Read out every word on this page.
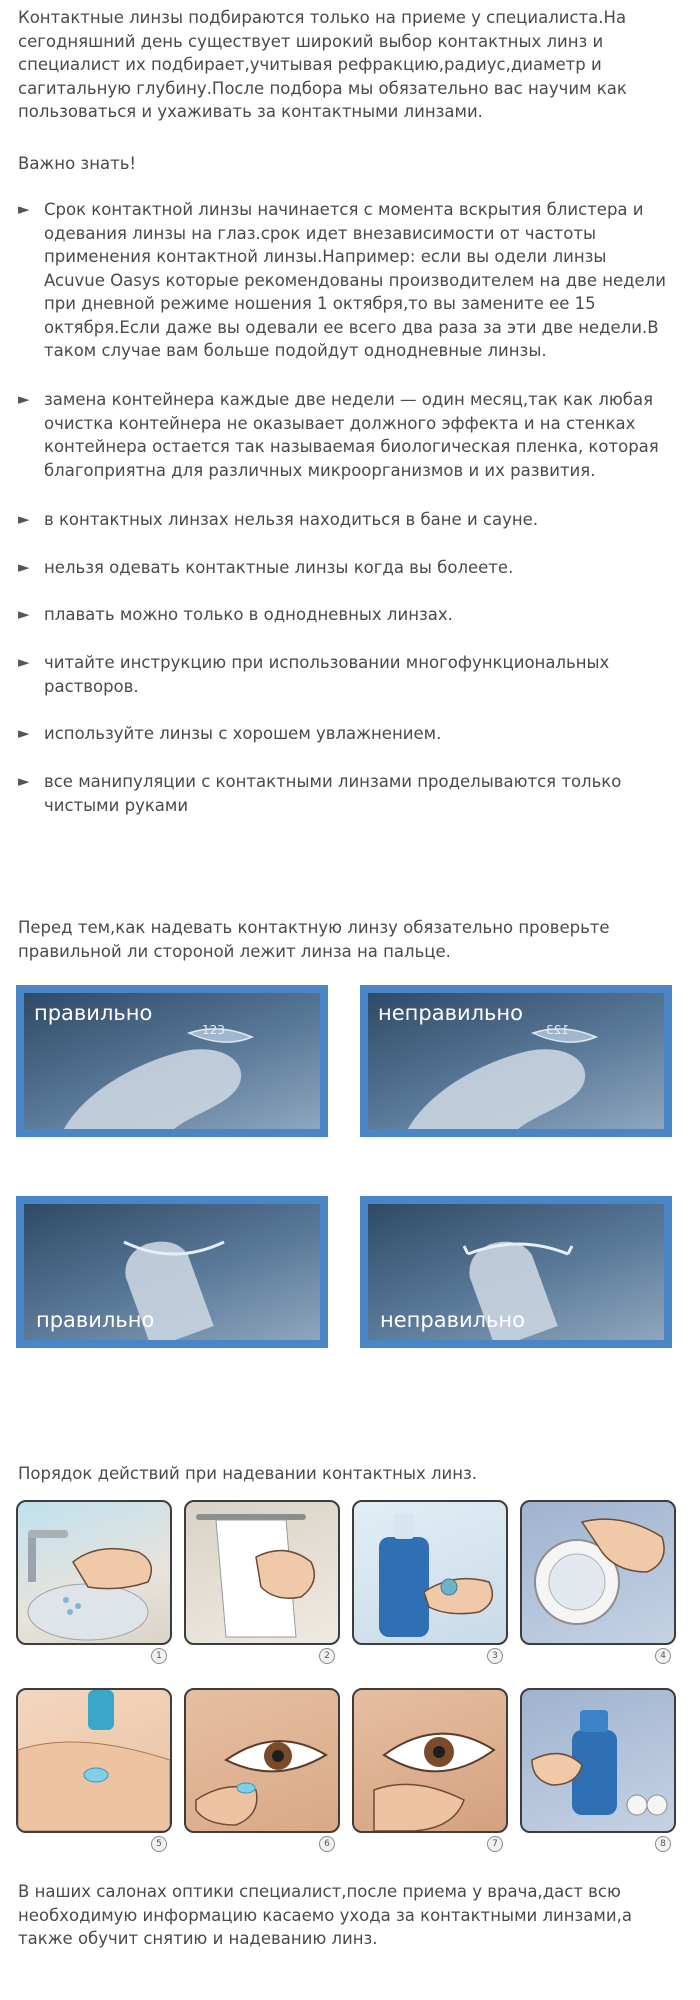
Контактные линзы подбираются только на приеме у специалиста.На сегодняшний день существует широкий выбор контактных линз и специалист их подбирает,учитывая рефракцию,радиус,диаметр и сагитальную глубину.После подбора мы обязательно вас научим как пользоваться и ухаживать за контактными линзами.
Важно знать!
► Срок контактной линзы начинается с момента вскрытия блистера и одевания линзы на глаз.срок идет внезависимости от частоты применения контактной линзы.Например: если вы одели линзы Acuvue Oasys которые рекомендованы производителем на две недели при дневной режиме ношения 1 октября,то вы замените ее 15 октября.Если даже вы одевали ее всего два раза за эти две недели.В таком случае вам больше подойдут однодневные линзы.
► замена контейнера каждые две недели — один месяц,так как любая очистка контейнера не оказывает должного эффекта и на стенках контейнера остается так называемая биологическая пленка, которая благоприятна для различных микроорганизмов и их развития.
► в контактных линзах нельзя находиться в бане и сауне.
► нельзя одевать контактные линзы когда вы болеете.
► плавать можно только в однодневных линзах.
► читайте инструкцию при использовании многофункциональных растворов.
► используйте линзы с хорошем увлажнением.
► все манипуляции с контактными линзами проделываются только чистыми руками
Перед тем,как надевать контактную линзу обязательно проверьте правильной ли стороной лежит линза на пальце.
правильно
123
неправильно
123
правильно	неправильно
Порядок действий при надевании контактных линз.
1	2	3	4
5	6	7	8
В наших салонах оптики специалист,после приема у врача,даст всю необходимую информацию касаемо ухода за контактными линзами,а также обучит снятию и надеванию линз.
